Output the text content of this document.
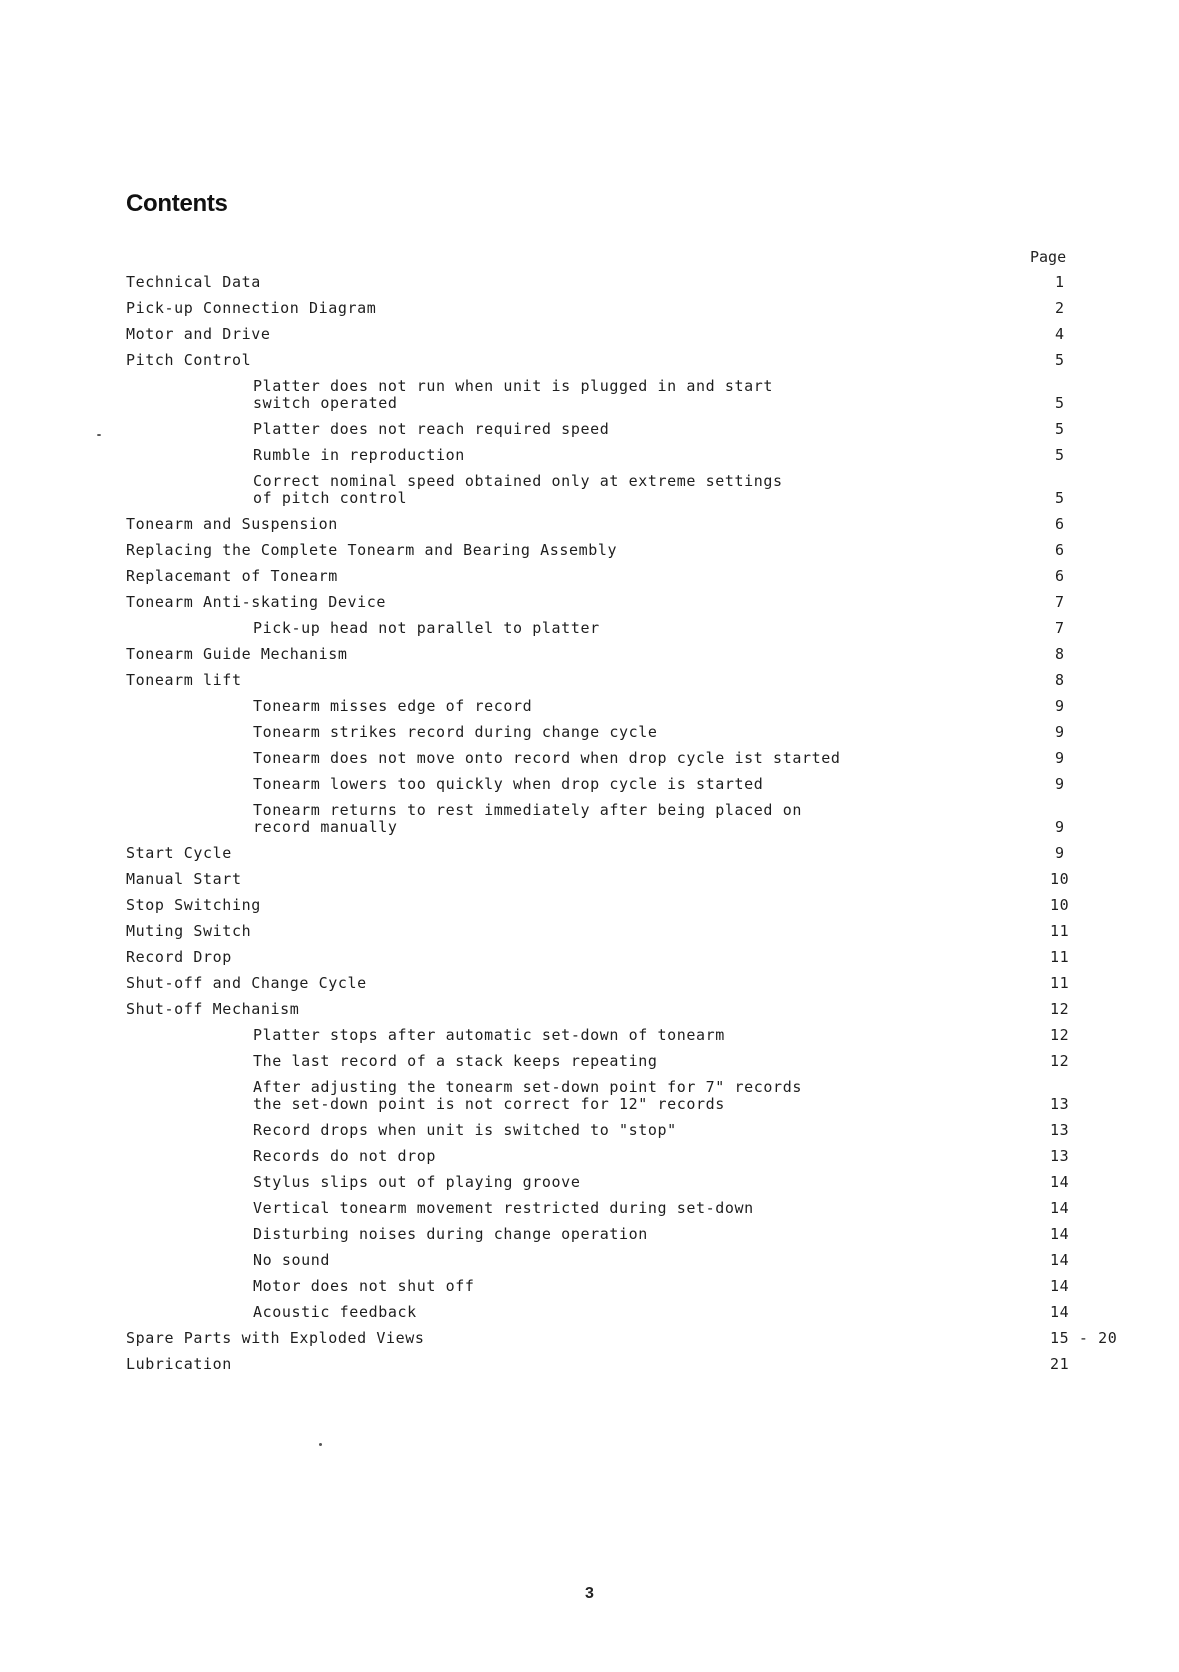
Contents
Page
Technical Data	1
Pick-up Connection Diagram	2
Motor and Drive	4
Pitch Control	5
Platter does not run when unit is plugged in and start
switch operated	5
Platter does not reach required speed	5
Rumble in reproduction	5
Correct nominal speed obtained only at extreme settings
of pitch control	5
Tonearm and Suspension	6
Replacing the Complete Tonearm and Bearing Assembly	6
Replacemant of Tonearm	6
Tonearm Anti-skating Device	7
Pick-up head not parallel to platter	7
Tonearm Guide Mechanism	8
Tonearm lift	8
Tonearm misses edge of record	9
Tonearm strikes record during change cycle	9
Tonearm does not move onto record when drop cycle ist started	9
Tonearm lowers too quickly when drop cycle is started	9
Tonearm returns to rest immediately after being placed on
record manually	9
Start Cycle	9
Manual Start	10
Stop Switching	10
Muting Switch	11
Record Drop	11
Shut-off and Change Cycle	11
Shut-off Mechanism	12
Platter stops after automatic set-down of tonearm	12
The last record of a stack keeps repeating	12
After adjusting the tonearm set-down point for 7" records
the set-down point is not correct for 12" records	13
Record drops when unit is switched to "stop"	13
Records do not drop	13
Stylus slips out of playing groove	14
Vertical tonearm movement restricted during set-down	14
Disturbing noises during change operation	14
No sound	14
Motor does not shut off	14
Acoustic feedback	14
Spare Parts with Exploded Views	15 - 20
Lubrication	21
3
